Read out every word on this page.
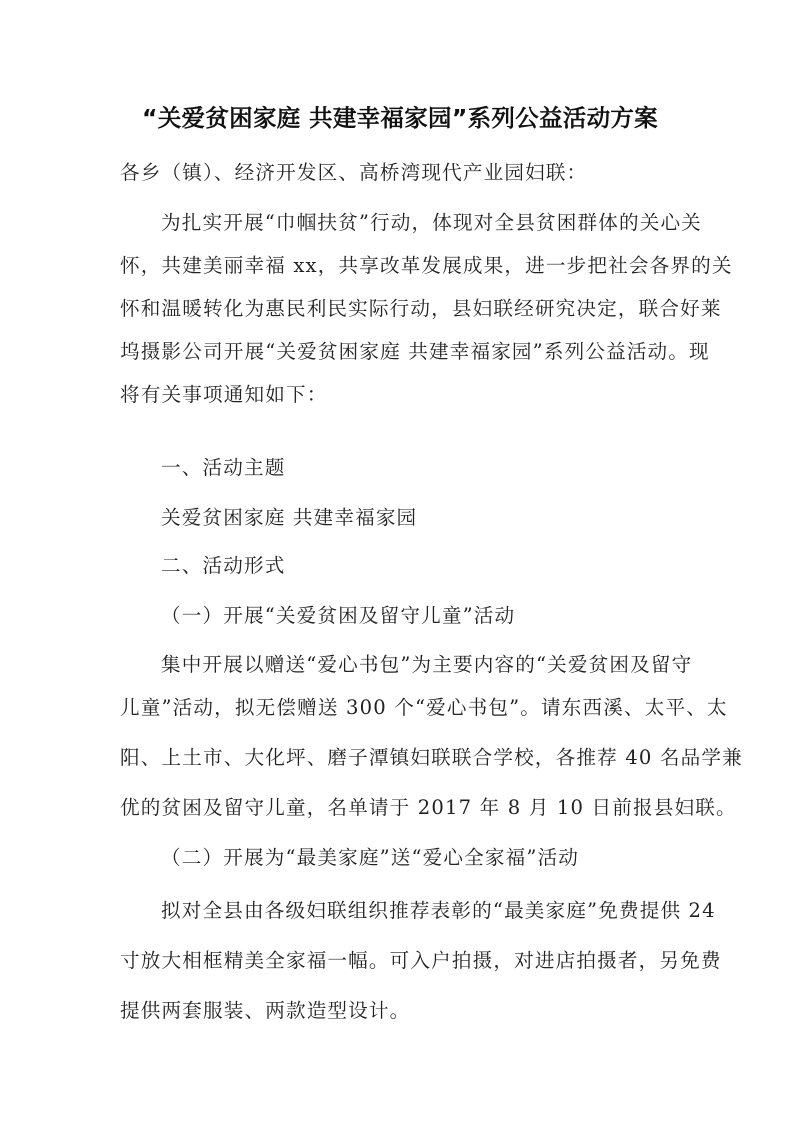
“关爱贫困家庭 共建幸福家园”系列公益活动方案
各乡（镇）、经济开发区、高桥湾现代产业园妇联：
为扎实开展“巾帼扶贫”行动，体现对全县贫困群体的关心关
怀，共建美丽幸福 xx，共享改革发展成果，进一步把社会各界的关
怀和温暖转化为惠民利民实际行动，县妇联经研究决定，联合好莱
坞摄影公司开展“关爱贫困家庭 共建幸福家园”系列公益活动。现
将有关事项通知如下：
一、活动主题
关爱贫困家庭 共建幸福家园
二、活动形式
（一）开展“关爱贫困及留守儿童”活动
集中开展以赠送“爱心书包”为主要内容的“关爱贫困及留守
儿童”活动，拟无偿赠送 300 个“爱心书包”。请东西溪、太平、太
阳、上土市、大化坪、磨子潭镇妇联联合学校，各推荐 40 名品学兼
优的贫困及留守儿童，名单请于 2017 年 8 月 10 日前报县妇联。
（二）开展为“最美家庭”送“爱心全家福”活动
拟对全县由各级妇联组织推荐表彰的“最美家庭”免费提供 24
寸放大相框精美全家福一幅。可入户拍摄，对进店拍摄者，另免费
提供两套服装、两款造型设计。
